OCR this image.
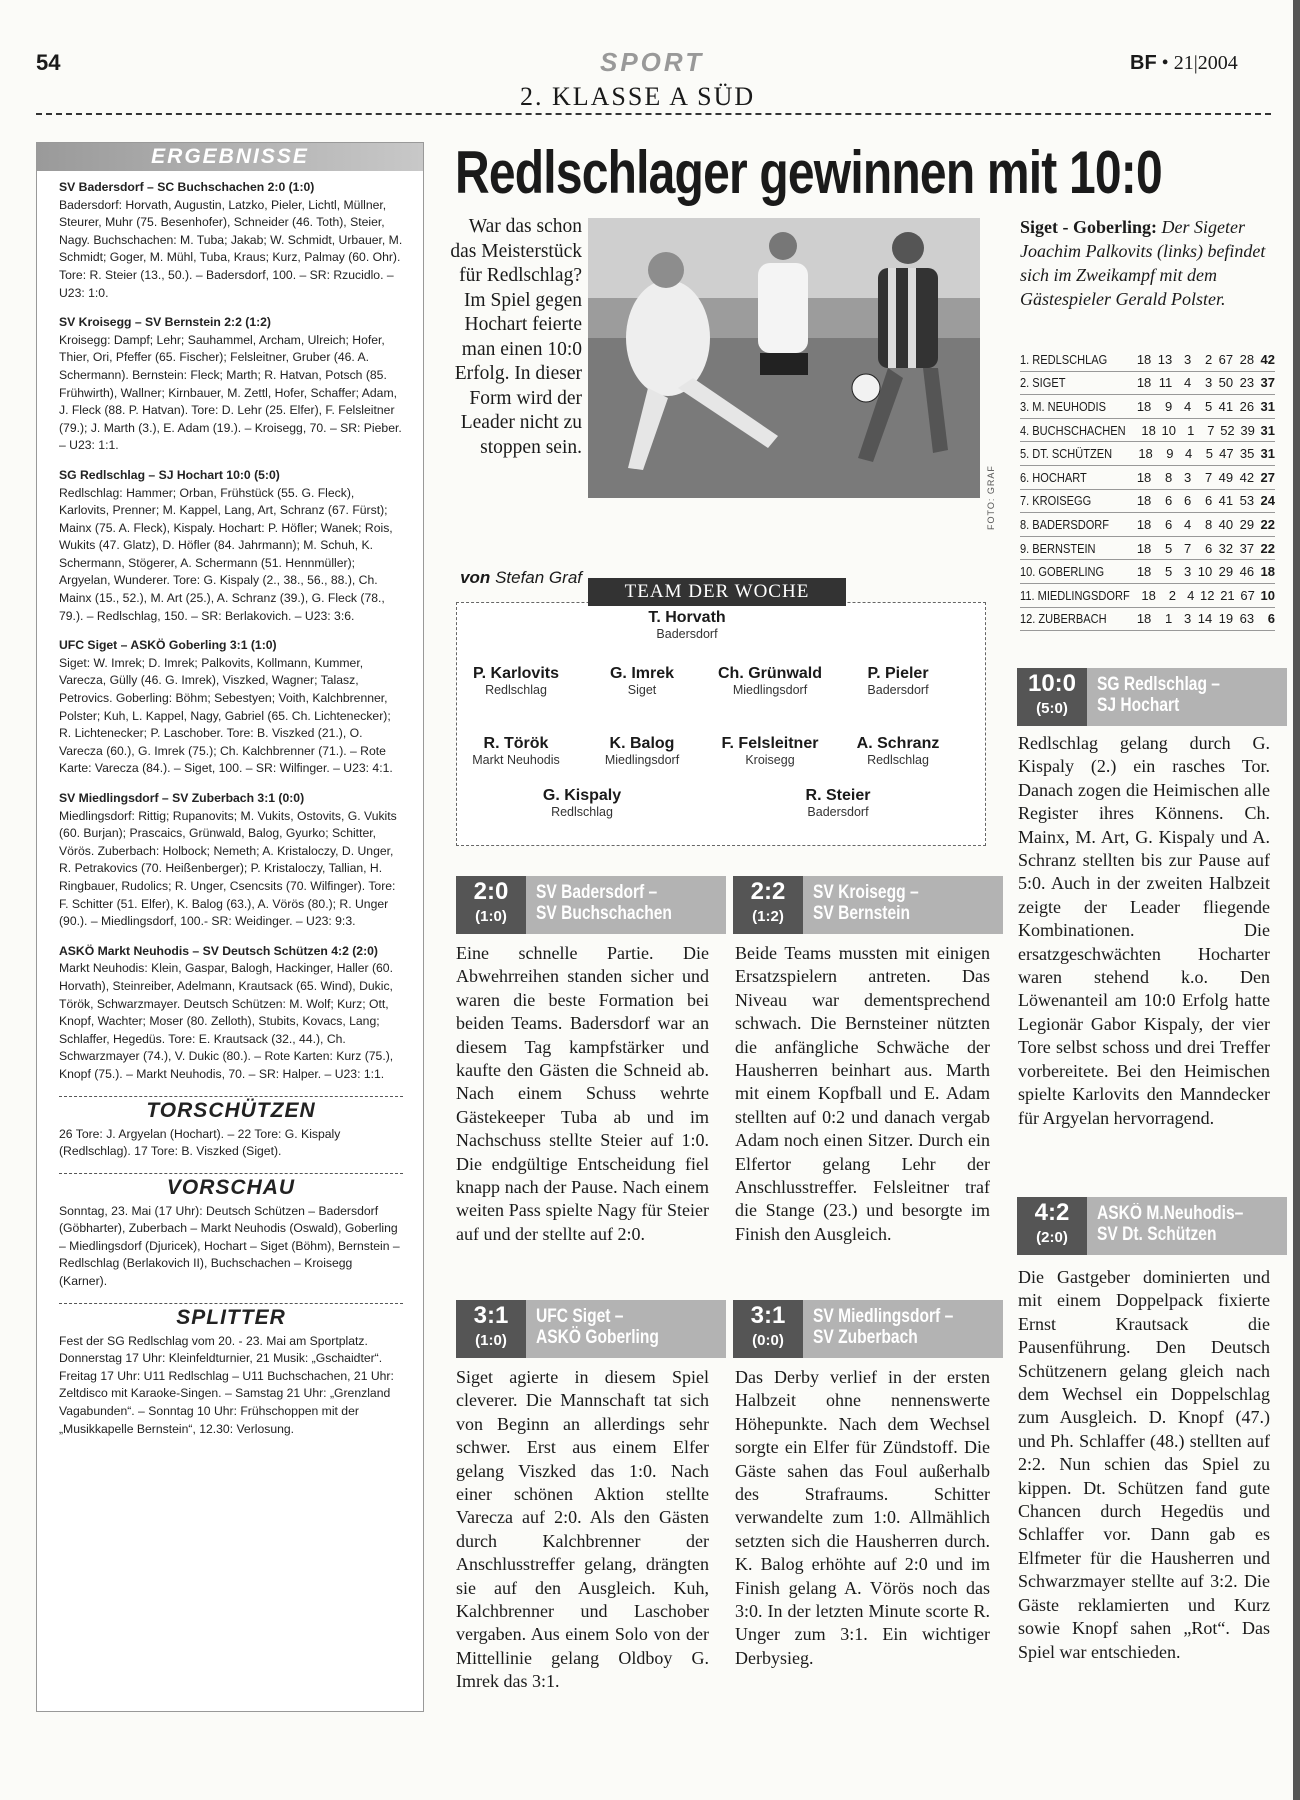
54	SPORT	BF • 21|2004
2. KLASSE A SÜD
ERGEBNISSE
SV Badersdorf – SC Buchschachen 2:0 (1:0)
Badersdorf: Horvath, Augustin, Latzko, Pieler, Lichtl, Müllner, Steurer, Muhr (75. Besenhofer), Schneider (46. Toth), Steier, Nagy. Buchschachen: M. Tuba; Jakab; W. Schmidt, Urbauer, M. Schmidt; Goger, M. Mühl, Tuba, Kraus; Kurz, Palmay (60. Ohr). Tore: R. Steier (13., 50.). – Badersdorf, 100. – SR: Rzucidlo. – U23: 1:0.
SV Kroisegg – SV Bernstein 2:2 (1:2)
Kroisegg: Dampf; Lehr; Sauhammel, Archam, Ulreich; Hofer, Thier, Ori, Pfeffer (65. Fischer); Felsleitner, Gruber (46. A. Schermann). Bernstein: Fleck; Marth; R. Hatvan, Potsch (85. Frühwirth), Wallner; Kirnbauer, M. Zettl, Hofer, Schaffer; Adam, J. Fleck (88. P. Hatvan). Tore: D. Lehr (25. Elfer), F. Felsleitner (79.); J. Marth (3.), E. Adam (19.). – Kroisegg, 70. – SR: Pieber. – U23: 1:1.
SG Redlschlag – SJ Hochart 10:0 (5:0)
Redlschlag: Hammer; Orban, Frühstück (55. G. Fleck), Karlovits, Prenner; M. Kappel, Lang, Art, Schranz (67. Fürst); Mainx (75. A. Fleck), Kispaly. Hochart: P. Höfler; Wanek; Rois, Wukits (47. Glatz), D. Höfler (84. Jahrmann); M. Schuh, K. Schermann, Stögerer, A. Schermann (51. Hennmüller); Argyelan, Wunderer. Tore: G. Kispaly (2., 38., 56., 88.), Ch. Mainx (15., 52.), M. Art (25.), A. Schranz (39.), G. Fleck (78., 79.). – Redlschlag, 150. – SR: Berlakovich. – U23: 3:6.
UFC Siget – ASKÖ Goberling 3:1 (1:0)
Siget: W. Imrek; D. Imrek; Palkovits, Kollmann, Kummer, Varecza, Gülly (46. G. Imrek), Viszked, Wagner; Talasz, Petrovics. Goberling: Böhm; Sebestyen; Voith, Kalchbrenner, Polster; Kuh, L. Kappel, Nagy, Gabriel (65. Ch. Lichtenecker); R. Lichtenecker; P. Laschober. Tore: B. Viszked (21.), O. Varecza (60.), G. Imrek (75.); Ch. Kalchbrenner (71.). – Rote Karte: Varecza (84.). – Siget, 100. – SR: Wilfinger. – U23: 4:1.
SV Miedlingsdorf – SV Zuberbach 3:1 (0:0)
Miedlingsdorf: Rittig; Rupanovits; M. Vukits, Ostovits, G. Vukits (60. Burjan); Prascaics, Grünwald, Balog, Gyurko; Schitter, Vörös. Zuberbach: Holbock; Nemeth; A. Kristaloczy, D. Unger, R. Petrakovics (70. Heißenberger); P. Kristaloczy, Tallian, H. Ringbauer, Rudolics; R. Unger, Csencsits (70. Wilfinger). Tore: F. Schitter (51. Elfer), K. Balog (63.), A. Vörös (80.); R. Unger (90.). – Miedlingsdorf, 100.- SR: Weidinger. – U23: 9:3.
ASKÖ Markt Neuhodis – SV Deutsch Schützen 4:2 (2:0)
Markt Neuhodis: Klein, Gaspar, Balogh, Hackinger, Haller (60. Horvath), Steinreiber, Adelmann, Krautsack (65. Wind), Dukic, Török, Schwarzmayer. Deutsch Schützen: M. Wolf; Kurz; Ott, Knopf, Wachter; Moser (80. Zelloth), Stubits, Kovacs, Lang; Schlaffer, Hegedüs. Tore: E. Krautsack (32., 44.), Ch. Schwarzmayer (74.), V. Dukic (80.). – Rote Karten: Kurz (75.), Knopf (75.). – Markt Neuhodis, 70. – SR: Halper. – U23: 1:1.
TORSCHÜTZEN
26 Tore: J. Argyelan (Hochart). – 22 Tore: G. Kispaly (Redlschlag). 17 Tore: B. Viszked (Siget).
VORSCHAU
Sonntag, 23. Mai (17 Uhr): Deutsch Schützen – Badersdorf (Göbharter), Zuberbach – Markt Neuhodis (Oswald), Goberling – Miedlingsdorf (Djuricek), Hochart – Siget (Böhm), Bernstein – Redlschlag (Berlakovich II), Buchschachen – Kroisegg (Karner).
SPLITTER
Fest der SG Redlschlag vom 20. - 23. Mai am Sportplatz. Donnerstag 17 Uhr: Kleinfeldturnier, 21 Musik: „Gschaidter“. Freitag 17 Uhr: U11 Redlschlag – U11 Buchschachen, 21 Uhr: Zeltdisco mit Karaoke-Singen. – Samstag 21 Uhr: „Grenzland Vagabunden“. – Sonntag 10 Uhr: Frühschoppen mit der „Musikkapelle Bernstein“, 12.30: Verlosung.
Redlschlager gewinnen mit 10:0
War das schon das Meisterstück für Redlschlag? Im Spiel gegen Hochart feierte man einen 10:0 Erfolg. In dieser Form wird der Leader nicht zu stoppen sein.
von Stefan Graf
FOTO: GRAF
Siget - Goberling: Der Sigeter Joachim Palkovits (links) befindet sich im Zweikampf mit dem Gästespieler Gerald Polster.
1. REDLSCHLAG	18 13 3	2 67 28 42
2. SIGET	18 11 4	3 50 23 37
3. M. NEUHODIS	18	9 4	5 41 26 31
4. BUCHSCHACHEN	18 10 1 7 52 39 31
5. DT. SCHÜTZEN	18	9 4	5 47 35 31
6. HOCHART	18	8 3	7 49 42 27
7. KROISEGG	18	6 6	6 41 53 24
8. BADERSDORF	18	6 4	8 40 29 22
9. BERNSTEIN	18	5 7	6 32 37 22
10. GOBERLING	18	5 3 10 29 46 18
11. MIEDLINGSDORF 18 2 4 12 21 67 10
12. ZUBERBACH	18	1 3 14 19 63	6
T. Horvath
Badersdorf
P. Karlovits
Redlschlag
G. Imrek
Siget
Ch. Grünwald
Miedlingsdorf
P. Pieler
Badersdorf
R. Török
Markt Neuhodis
K. Balog
Miedlingsdorf
F. Felsleitner
Kroisegg
A. Schranz
Redlschlag
G. Kispaly
Redlschlag
R. Steier
Badersdorf
TEAM DER WOCHE
2:0
(1:0)
SV Badersdorf –
SV Buchschachen
Eine schnelle Partie. Die Abwehrreihen standen sicher und waren die beste Formation bei beiden Teams. Badersdorf war an diesem Tag kampfstärker und kaufte den Gästen die Schneid ab. Nach einem Schuss wehrte Gästekeeper Tuba ab und im Nachschuss stellte Steier auf 1:0. Die endgültige Entscheidung fiel knapp nach der Pause. Nach einem weiten Pass spielte Nagy für Steier auf und der stellte auf 2:0.
2:2
(1:2)
SV Kroisegg –
SV Bernstein
Beide Teams mussten mit einigen Ersatzspielern antreten. Das Niveau war dementsprechend schwach. Die Bernsteiner nützten die anfängliche Schwäche der Hausherren beinhart aus. Marth mit einem Kopfball und E. Adam stellten auf 0:2 und danach vergab Adam noch einen Sitzer. Durch ein Elfertor gelang Lehr der Anschlusstreffer. Felsleitner traf die Stange (23.) und besorgte im Finish den Ausgleich.
3:1
(1:0)
UFC Siget –
ASKÖ Goberling
Siget agierte in diesem Spiel cleverer. Die Mannschaft tat sich von Beginn an allerdings sehr schwer. Erst aus einem Elfer gelang Viszked das 1:0. Nach einer schönen Aktion stellte Varecza auf 2:0. Als den Gästen durch Kalchbrenner der Anschlusstreffer gelang, drängten sie auf den Ausgleich. Kuh, Kalchbrenner und Laschober vergaben. Aus einem Solo von der Mittellinie gelang Oldboy G. Imrek das 3:1.
3:1
(0:0)
SV Miedlingsdorf –
SV Zuberbach
Das Derby verlief in der ersten Halbzeit ohne nennenswerte Höhepunkte. Nach dem Wechsel sorgte ein Elfer für Zündstoff. Die Gäste sahen das Foul außerhalb des Strafraums. Schitter verwandelte zum 1:0. Allmählich setzten sich die Hausherren durch. K. Balog erhöhte auf 2:0 und im Finish gelang A. Vörös noch das 3:0. In der letzten Minute scorte R. Unger zum 3:1. Ein wichtiger Derbysieg.
10:0
(5:0)
SG Redlschlag –
SJ Hochart
Redlschlag gelang durch G. Kispaly (2.) ein rasches Tor. Danach zogen die Heimischen alle Register ihres Könnens. Ch. Mainx, M. Art, G. Kispaly und A. Schranz stellten bis zur Pause auf 5:0. Auch in der zweiten Halbzeit zeigte der Leader fliegende Kombinationen. Die ersatzgeschwächten Hocharter waren stehend k.o. Den Löwenanteil am 10:0 Erfolg hatte Legionär Gabor Kispaly, der vier Tore selbst schoss und drei Treffer vorbereitete. Bei den Heimischen spielte Karlovits den Manndecker für Argyelan hervorragend.
4:2
(2:0)
ASKÖ M.Neuhodis–
SV Dt. Schützen
Die Gastgeber dominierten und mit einem Doppelpack fixierte Ernst Krautsack die Pausenführung. Den Deutsch Schützenern gelang gleich nach dem Wechsel ein Doppelschlag zum Ausgleich. D. Knopf (47.) und Ph. Schlaffer (48.) stellten auf 2:2. Nun schien das Spiel zu kippen. Dt. Schützen fand gute Chancen durch Hegedüs und Schlaffer vor. Dann gab es Elfmeter für die Hausherren und Schwarzmayer stellte auf 3:2. Die Gäste reklamierten und Kurz sowie Knopf sahen „Rot“. Das Spiel war entschieden.
